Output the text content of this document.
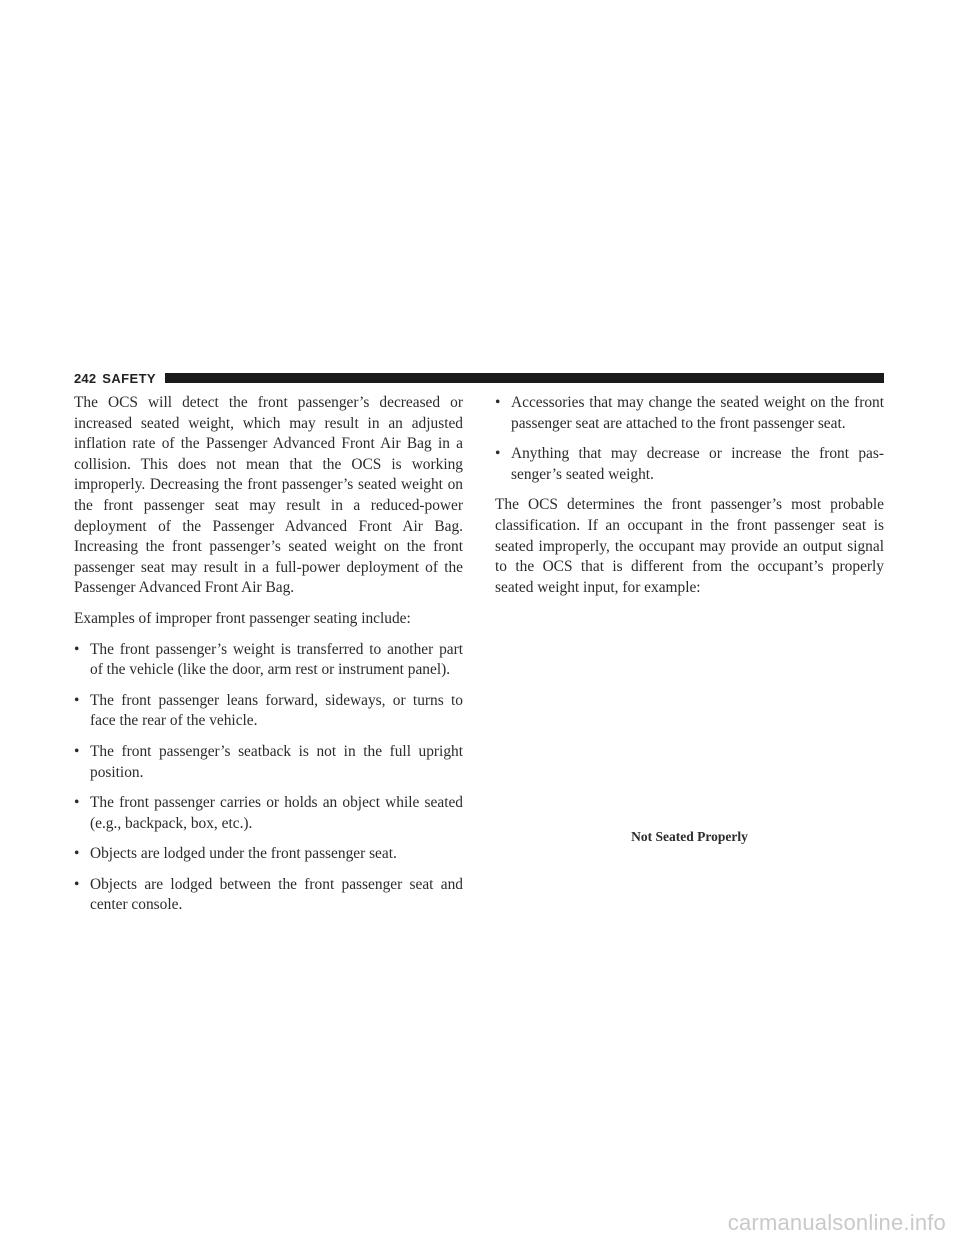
242 SAFETY

The OCS will detect the front passenger’s decreased or increased seated weight, which may result in an adjusted inflation rate of the Passenger Advanced Front Air Bag in a collision. This does not mean that the OCS is working improperly. Decreasing the front passenger’s seated weight on the front passenger seat may result in a reduced-power deployment of the Passenger Advanced Front Air Bag. Increasing the front passenger’s seated weight on the front passenger seat may result in a full-power deployment of the Passenger Advanced Front Air Bag.

Examples of improper front passenger seating include:

• The front passenger’s weight is transferred to another part of the vehicle (like the door, arm rest or instrument panel).
• The front passenger leans forward, sideways, or turns to face the rear of the vehicle.
• The front passenger’s seatback is not in the full upright position.
• The front passenger carries or holds an object while seated (e.g., backpack, box, etc.).
• Objects are lodged under the front passenger seat.
• Objects are lodged between the front passenger seat and center console.
• Accessories that may change the seated weight on the front passenger seat are attached to the front passenger seat.
• Anything that may decrease or increase the front pas- senger’s seated weight.

The OCS determines the front passenger’s most probable classification. If an occupant in the front passenger seat is seated improperly, the occupant may provide an output signal to the OCS that is different from the occupant’s properly seated weight input, for example:

Not Seated Properly
carmanualsonline.info
